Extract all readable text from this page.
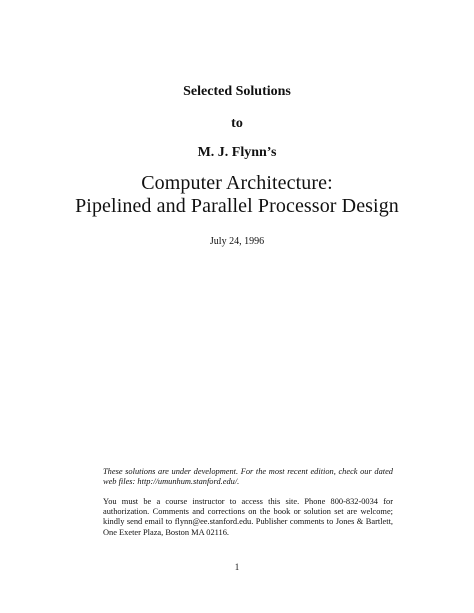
Selected Solutions
to
M. J. Flynn’s
Computer Architecture:
Pipelined and Parallel Processor Design
July 24, 1996
These solutions are under development. For the most recent edition, check our dated web files: http://umunhum.stanford.edu/.
You must be a course instructor to access this site. Phone 800-832-0034 for authorization. Comments and corrections on the book or solution set are welcome; kindly send email to flynn@ee.stanford.edu. Publisher comments to Jones & Bartlett, One Exeter Plaza, Boston MA 02116.
1
